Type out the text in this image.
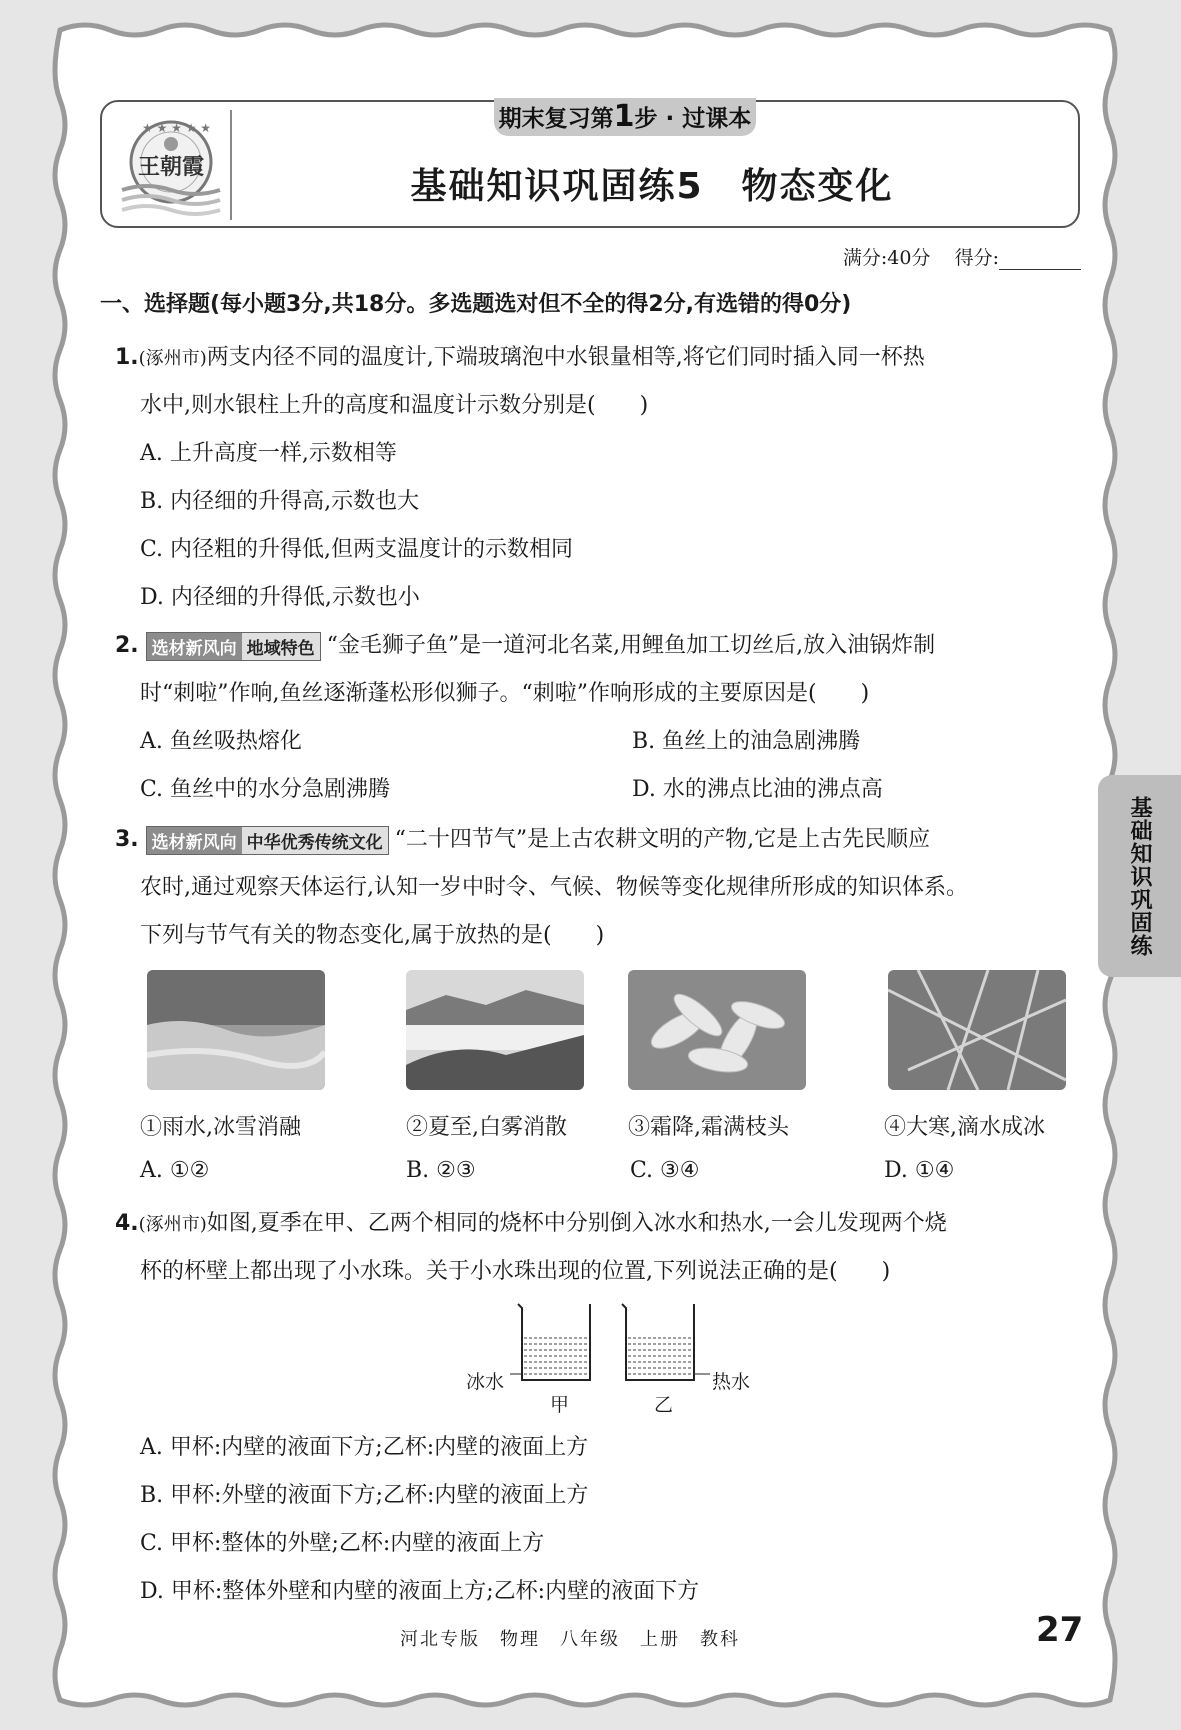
★ ★ ★ ★ ★
王朝霞
期末复习第1步 · 过课本
基础知识巩固练5　物态变化
满分:40分 得分:
一、选择题(每小题3分,共18分。多选题选对但不全的得2分,有选错的得0分)
1.(涿州市)两支内径不同的温度计,下端玻璃泡中水银量相等,将它们同时插入同一杯热
水中,则水银柱上升的高度和温度计示数分别是(　　)
A. 上升高度一样,示数相等
B. 内径细的升得高,示数也大
C. 内径粗的升得低,但两支温度计的示数相同
D. 内径细的升得低,示数也小
2. 选材新风向 地域特色 “金毛狮子鱼”是一道河北名菜,用鲤鱼加工切丝后,放入油锅炸制
时“刺啦”作响,鱼丝逐渐蓬松形似狮子。“刺啦”作响形成的主要原因是(　　)
A. 鱼丝吸热熔化	B. 鱼丝上的油急剧沸腾
C. 鱼丝中的水分急剧沸腾	D. 水的沸点比油的沸点高
3. 选材新风向 中华优秀传统文化 “二十四节气”是上古农耕文明的产物,它是上古先民顺应
农时,通过观察天体运行,认知一岁中时令、气候、物候等变化规律所形成的知识体系。
下列与节气有关的物态变化,属于放热的是(　　)
①雨水,冰雪消融	②夏至,白雾消散	③霜降,霜满枝头	④大寒,滴水成冰
A. ①②	B. ②③	C. ③④	D. ①④
4.(涿州市)如图,夏季在甲、乙两个相同的烧杯中分别倒入冰水和热水,一会儿发现两个烧
杯的杯壁上都出现了小水珠。关于小水珠出现的位置,下列说法正确的是(　　)
冰水	热水
甲	乙
A. 甲杯:内壁的液面下方;乙杯:内壁的液面上方
B. 甲杯:外壁的液面下方;乙杯:内壁的液面上方
C. 甲杯:整体的外壁;乙杯:内壁的液面上方
D. 甲杯:整体外壁和内壁的液面上方;乙杯:内壁的液面下方
基础知识巩固练
河北专版　物理　八年级　上册　教科	27
